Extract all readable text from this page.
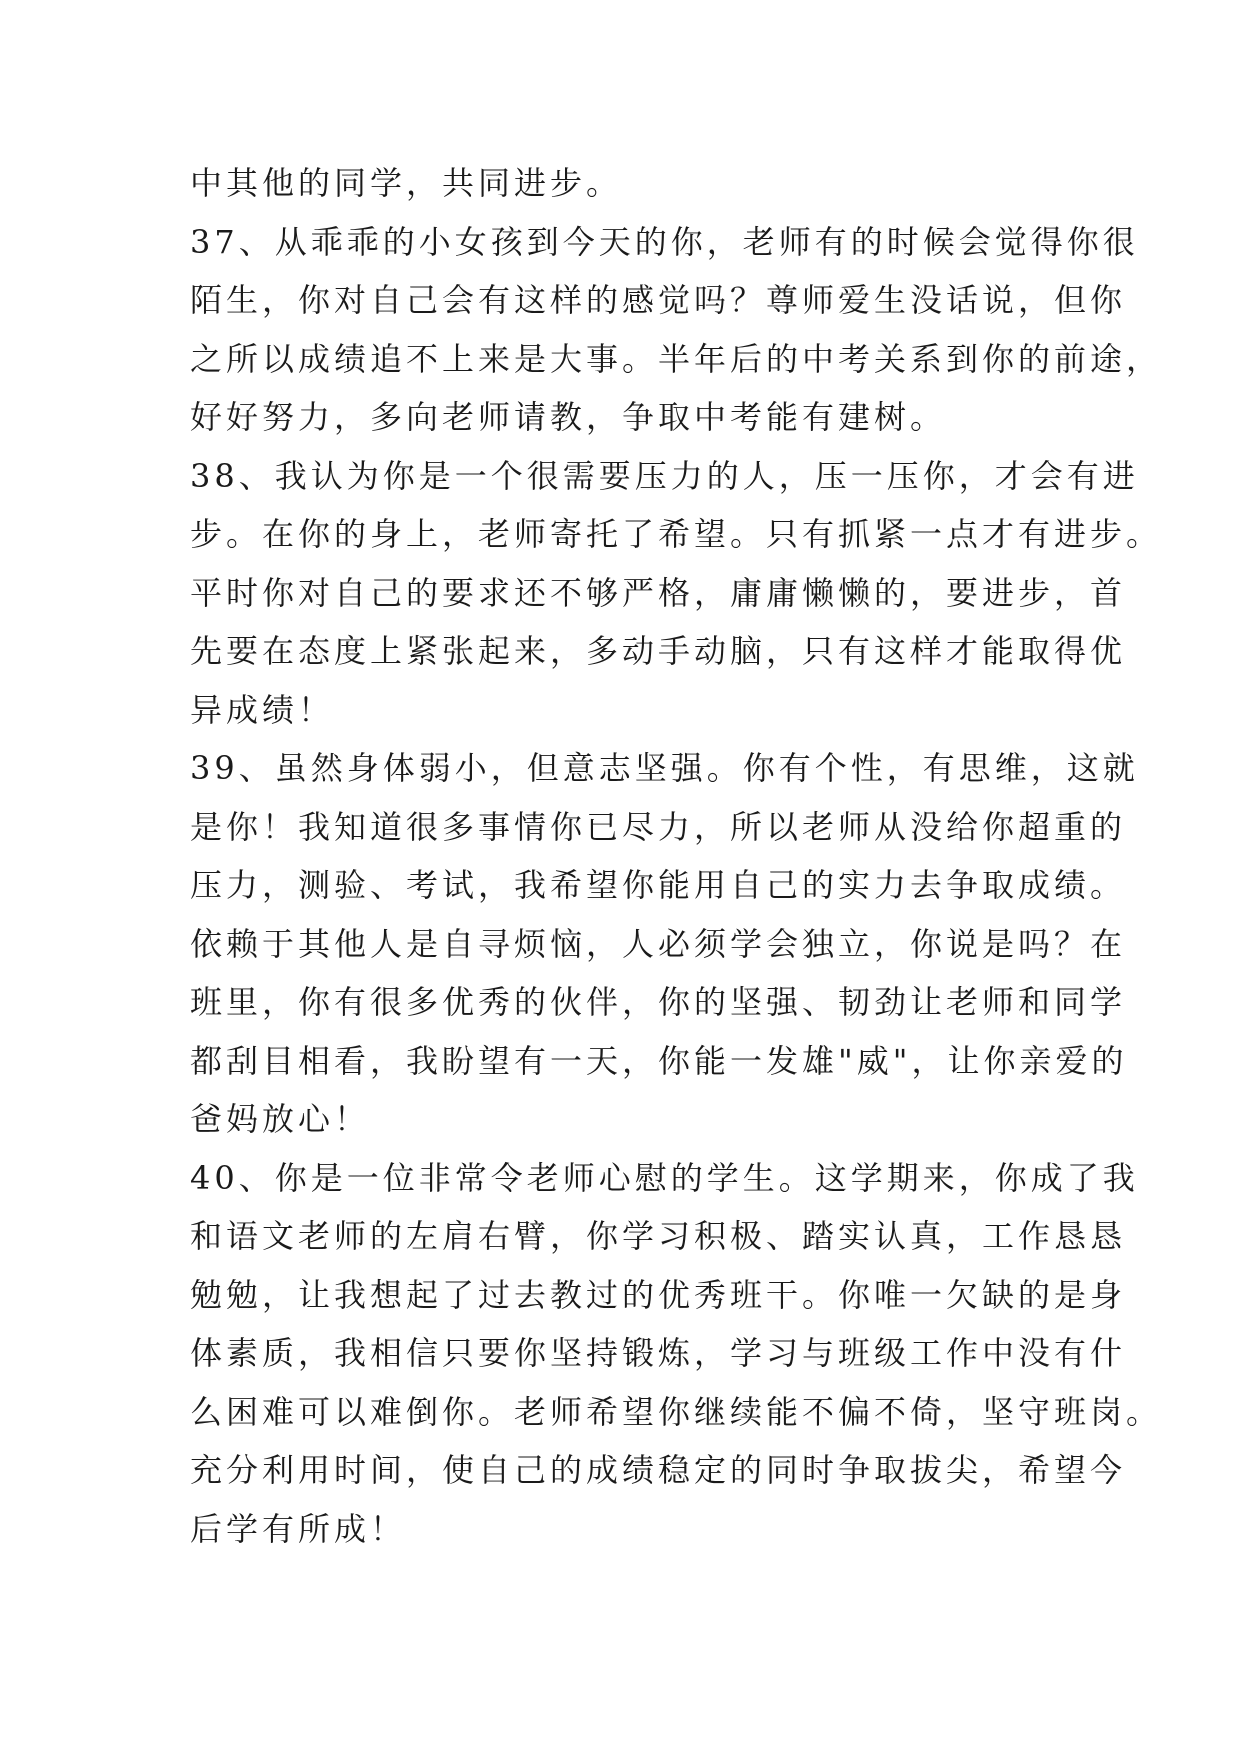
中其他的同学，共同进步。
37、从乖乖的小女孩到今天的你，老师有的时候会觉得你很
陌生，你对自己会有这样的感觉吗？尊师爱生没话说，但你
之所以成绩追不上来是大事。半年后的中考关系到你的前途，
好好努力，多向老师请教，争取中考能有建树。
38、我认为你是一个很需要压力的人，压一压你，才会有进
步。在你的身上，老师寄托了希望。只有抓紧一点才有进步。
平时你对自己的要求还不够严格，庸庸懒懒的，要进步，首
先要在态度上紧张起来，多动手动脑，只有这样才能取得优
异成绩！
39、虽然身体弱小，但意志坚强。你有个性，有思维，这就
是你！我知道很多事情你已尽力，所以老师从没给你超重的
压力，测验、考试，我希望你能用自己的实力去争取成绩。
依赖于其他人是自寻烦恼，人必须学会独立，你说是吗？在
班里，你有很多优秀的伙伴，你的坚强、韧劲让老师和同学
都刮目相看，我盼望有一天，你能一发雄"威"，让你亲爱的
爸妈放心！
40、你是一位非常令老师心慰的学生。这学期来，你成了我
和语文老师的左肩右臂，你学习积极、踏实认真，工作恳恳
勉勉，让我想起了过去教过的优秀班干。你唯一欠缺的是身
体素质，我相信只要你坚持锻炼，学习与班级工作中没有什
么困难可以难倒你。老师希望你继续能不偏不倚，坚守班岗。
充分利用时间，使自己的成绩稳定的同时争取拔尖，希望今
后学有所成！
